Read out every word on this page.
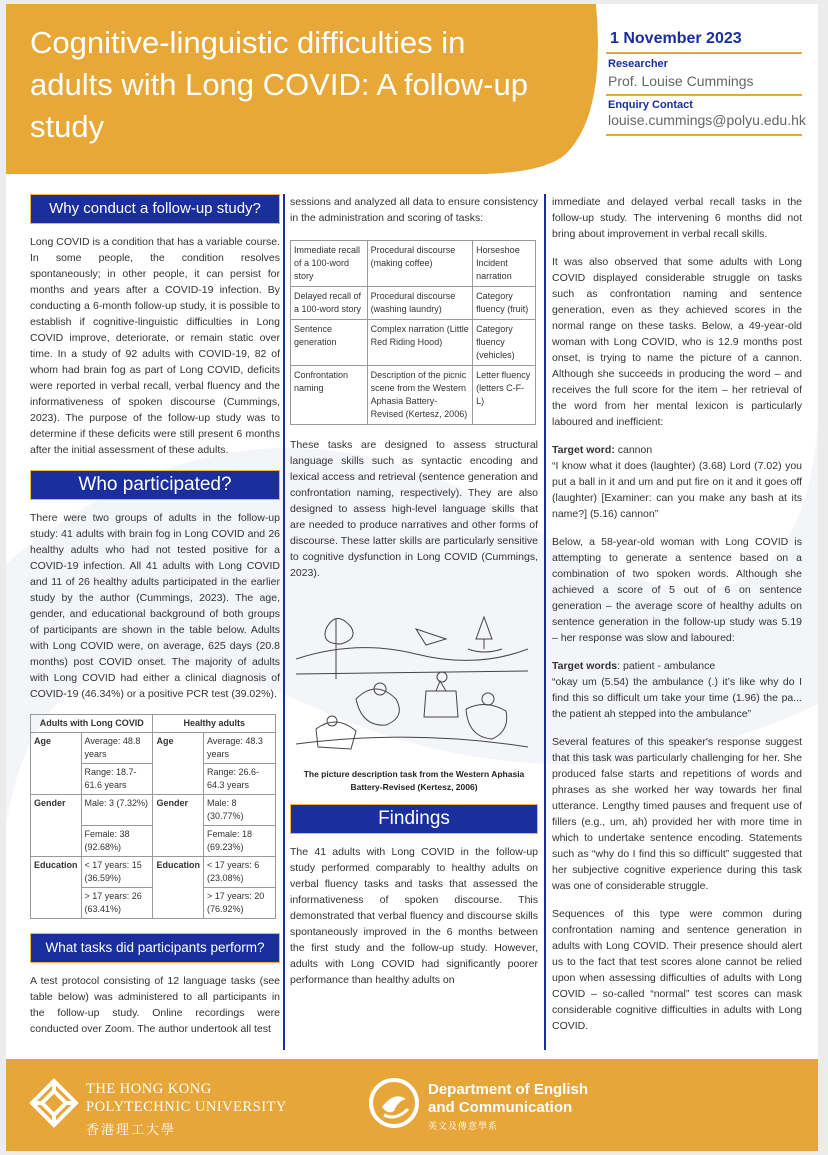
Cognitive-linguistic difficulties in adults with Long COVID: A follow-up study
1 November 2023
Researcher
Prof. Louise Cummings
Enquiry Contact
louise.cummings@polyu.edu.hk
Why conduct a follow-up study?
Long COVID is a condition that has a variable course. In some people, the condition resolves spontaneously; in other people, it can persist for months and years after a COVID-19 infection. By conducting a 6-month follow-up study, it is possible to establish if cognitive-linguistic difficulties in Long COVID improve, deteriorate, or remain static over time. In a study of 92 adults with COVID-19, 82 of whom had brain fog as part of Long COVID, deficits were reported in verbal recall, verbal fluency and the informativeness of spoken discourse (Cummings, 2023). The purpose of the follow-up study was to determine if these deficits were still present 6 months after the initial assessment of these adults.
Who participated?
There were two groups of adults in the follow-up study: 41 adults with brain fog in Long COVID and 26 healthy adults who had not tested positive for a COVID-19 infection. All 41 adults with Long COVID and 11 of 26 healthy adults participated in the earlier study by the author (Cummings, 2023). The age, gender, and educational background of both groups of participants are shown in the table below. Adults with Long COVID were, on average, 625 days (20.8 months) post COVID onset. The majority of adults with Long COVID had either a clinical diagnosis of COVID-19 (46.34%) or a positive PCR test (39.02%).
Adults with Long COVID		Healthy adults	
Age	Average: 48.8 years	Age	Average: 48.3 years
	Range: 18.7-61.6 years		Range: 26.6-64.3 years
Gender	Male: 3 (7.32%)	Gender	Male: 8 (30.77%)
	Female: 38 (92.68%)		Female: 18 (69.23%)
Education	< 17 years: 15 (36.59%)	Education	< 17 years: 6 (23.08%)
	> 17 years: 26 (63.41%)		> 17 years: 20 (76.92%)
What tasks did participants perform?
A test protocol consisting of 12 language tasks (see table below) was administered to all participants in the follow-up study. Online recordings were conducted over Zoom. The author undertook all test
sessions and analyzed all data to ensure consistency in the administration and scoring of tasks:
Immediate recall of a 100-word story	Procedural discourse (making coffee)	Horseshoe Incident narration
Delayed recall of a 100-word story	Procedural discourse (washing laundry)	Category fluency (fruit)
Sentence generation	Complex narration (Little Red Riding Hood)	Category fluency (vehicles)
Confrontation naming	Description of the picnic scene from the Western Aphasia Battery-Revised (Kertesz, 2006)	Letter fluency (letters C-F-L)
These tasks are designed to assess structural language skills such as syntactic encoding and lexical access and retrieval (sentence generation and confrontation naming, respectively). They are also designed to assess high-level language skills that are needed to produce narratives and other forms of discourse. These latter skills are particularly sensitive to cognitive dysfunction in Long COVID (Cummings, 2023).
The picture description task from the Western Aphasia Battery-Revised (Kertesz, 2006)
Findings
The 41 adults with Long COVID in the follow-up study performed comparably to healthy adults on verbal fluency tasks and tasks that assessed the informativeness of spoken discourse. This demonstrated that verbal fluency and discourse skills spontaneously improved in the 6 months between the first study and the follow-up study. However, adults with Long COVID had significantly poorer performance than healthy adults on
immediate and delayed verbal recall tasks in the follow-up study. The intervening 6 months did not bring about improvement in verbal recall skills.
It was also observed that some adults with Long COVID displayed considerable struggle on tasks such as confrontation naming and sentence generation, even as they achieved scores in the normal range on these tasks. Below, a 49-year-old woman with Long COVID, who is 12.9 months post onset, is trying to name the picture of a cannon. Although she succeeds in producing the word – and receives the full score for the item – her retrieval of the word from her mental lexicon is particularly laboured and inefficient:
Target word: cannon
“I know what it does (laughter) (3.68) Lord (7.02) you put a ball in it and um and put fire on it and it goes off (laughter) [Examiner: can you make any bash at its name?] (5.16) cannon”
Below, a 58-year-old woman with Long COVID is attempting to generate a sentence based on a combination of two spoken words. Although she achieved a score of 5 out of 6 on sentence generation – the average score of healthy adults on sentence generation in the follow-up study was 5.19 – her response was slow and laboured:
Target words: patient - ambulance
“okay um (5.54) the ambulance (.) it’s like why do I find this so difficult um take your time (1.96) the pa... the patient ah stepped into the ambulance”
Several features of this speaker's response suggest that this task was particularly challenging for her. She produced false starts and repetitions of words and phrases as she worked her way towards her final utterance. Lengthy timed pauses and frequent use of fillers (e.g., um, ah) provided her with more time in which to undertake sentence encoding. Statements such as “why do I find this so difficult” suggested that her subjective cognitive experience during this task was one of considerable struggle.
Sequences of this type were common during confrontation naming and sentence generation in adults with Long COVID. Their presence should alert us to the fact that test scores alone cannot be relied upon when assessing difficulties of adults with Long COVID – so-called “normal” test scores can mask considerable cognitive difficulties in adults with Long COVID.
THE HONG KONG
POLYTECHNIC UNIVERSITY
香港理工大學
Department of English
and Communication
英文及傳意學系
